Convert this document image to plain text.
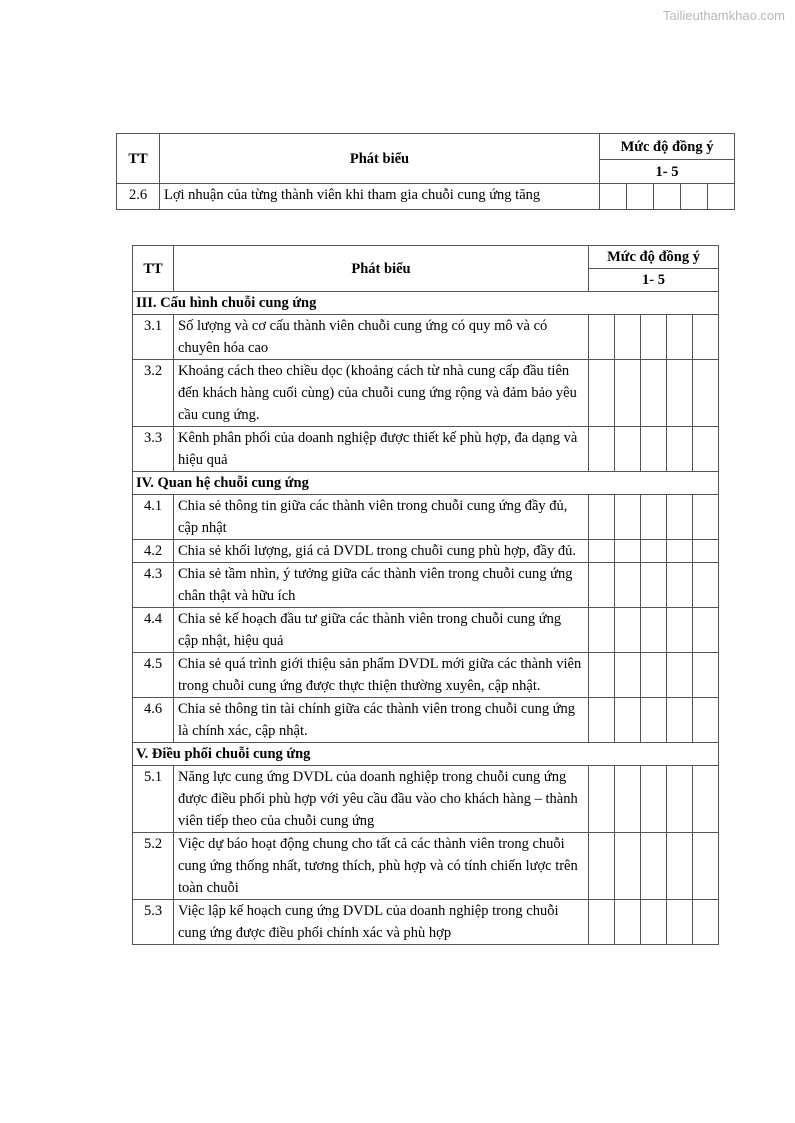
Tailieuthamkhao.com
TT	Phát biểu	Mức độ đồng ý				
		1- 5				
2.6	Lợi nhuận của từng thành viên khi tham gia chuỗi cung ứng tăng					
TT	Phát biểu	Mức độ đồng ý				
		1- 5				
III. Cấu hình chuỗi cung ứng						
3.1	Số lượng và cơ cấu thành viên chuỗi cung ứng có quy mô và có chuyên hóa cao					
3.2	Khoảng cách theo chiều dọc (khoảng cách từ nhà cung cấp đầu tiên đến khách hàng cuối cùng) của chuỗi cung ứng rộng và đảm bảo yêu cầu cung ứng.					
3.3	Kênh phân phối của doanh nghiệp được thiết kế phù hợp, đa dạng và hiệu quả					
IV. Quan hệ chuỗi cung ứng						
4.1	Chia sẻ thông tin giữa các thành viên trong chuỗi cung ứng đầy đủ, cập nhật					
4.2	Chia sẻ khối lượng, giá cả DVDL trong chuỗi cung phù hợp, đầy đủ.					
4.3	Chia sẻ tầm nhìn, ý tưởng giữa các thành viên trong chuỗi cung ứng chân thật và hữu ích					
4.4	Chia sẻ kế hoạch đầu tư giữa các thành viên trong chuỗi cung ứng cập nhật, hiệu quả					
4.5	Chia sẻ quá trình giới thiệu sản phẩm DVDL mới giữa các thành viên trong chuỗi cung ứng được thực thiện thường xuyên, cập nhật.					
4.6	Chia sẻ thông tin tài chính giữa các thành viên trong chuỗi cung ứng là chính xác, cập nhật.					
V. Điều phối chuỗi cung ứng						
5.1	Năng lực cung ứng DVDL của doanh nghiệp trong chuỗi cung ứng được điều phối phù hợp với yêu cầu đầu vào cho khách hàng – thành viên tiếp theo của chuỗi cung ứng					
5.2	Việc dự báo hoạt động chung cho tất cả các thành viên trong chuỗi cung ứng thống nhất, tương thích, phù hợp và có tính chiến lược trên toàn chuỗi					
5.3	Việc lập kế hoạch cung ứng DVDL của doanh nghiệp trong chuỗi cung ứng được điều phối chính xác và phù hợp					
